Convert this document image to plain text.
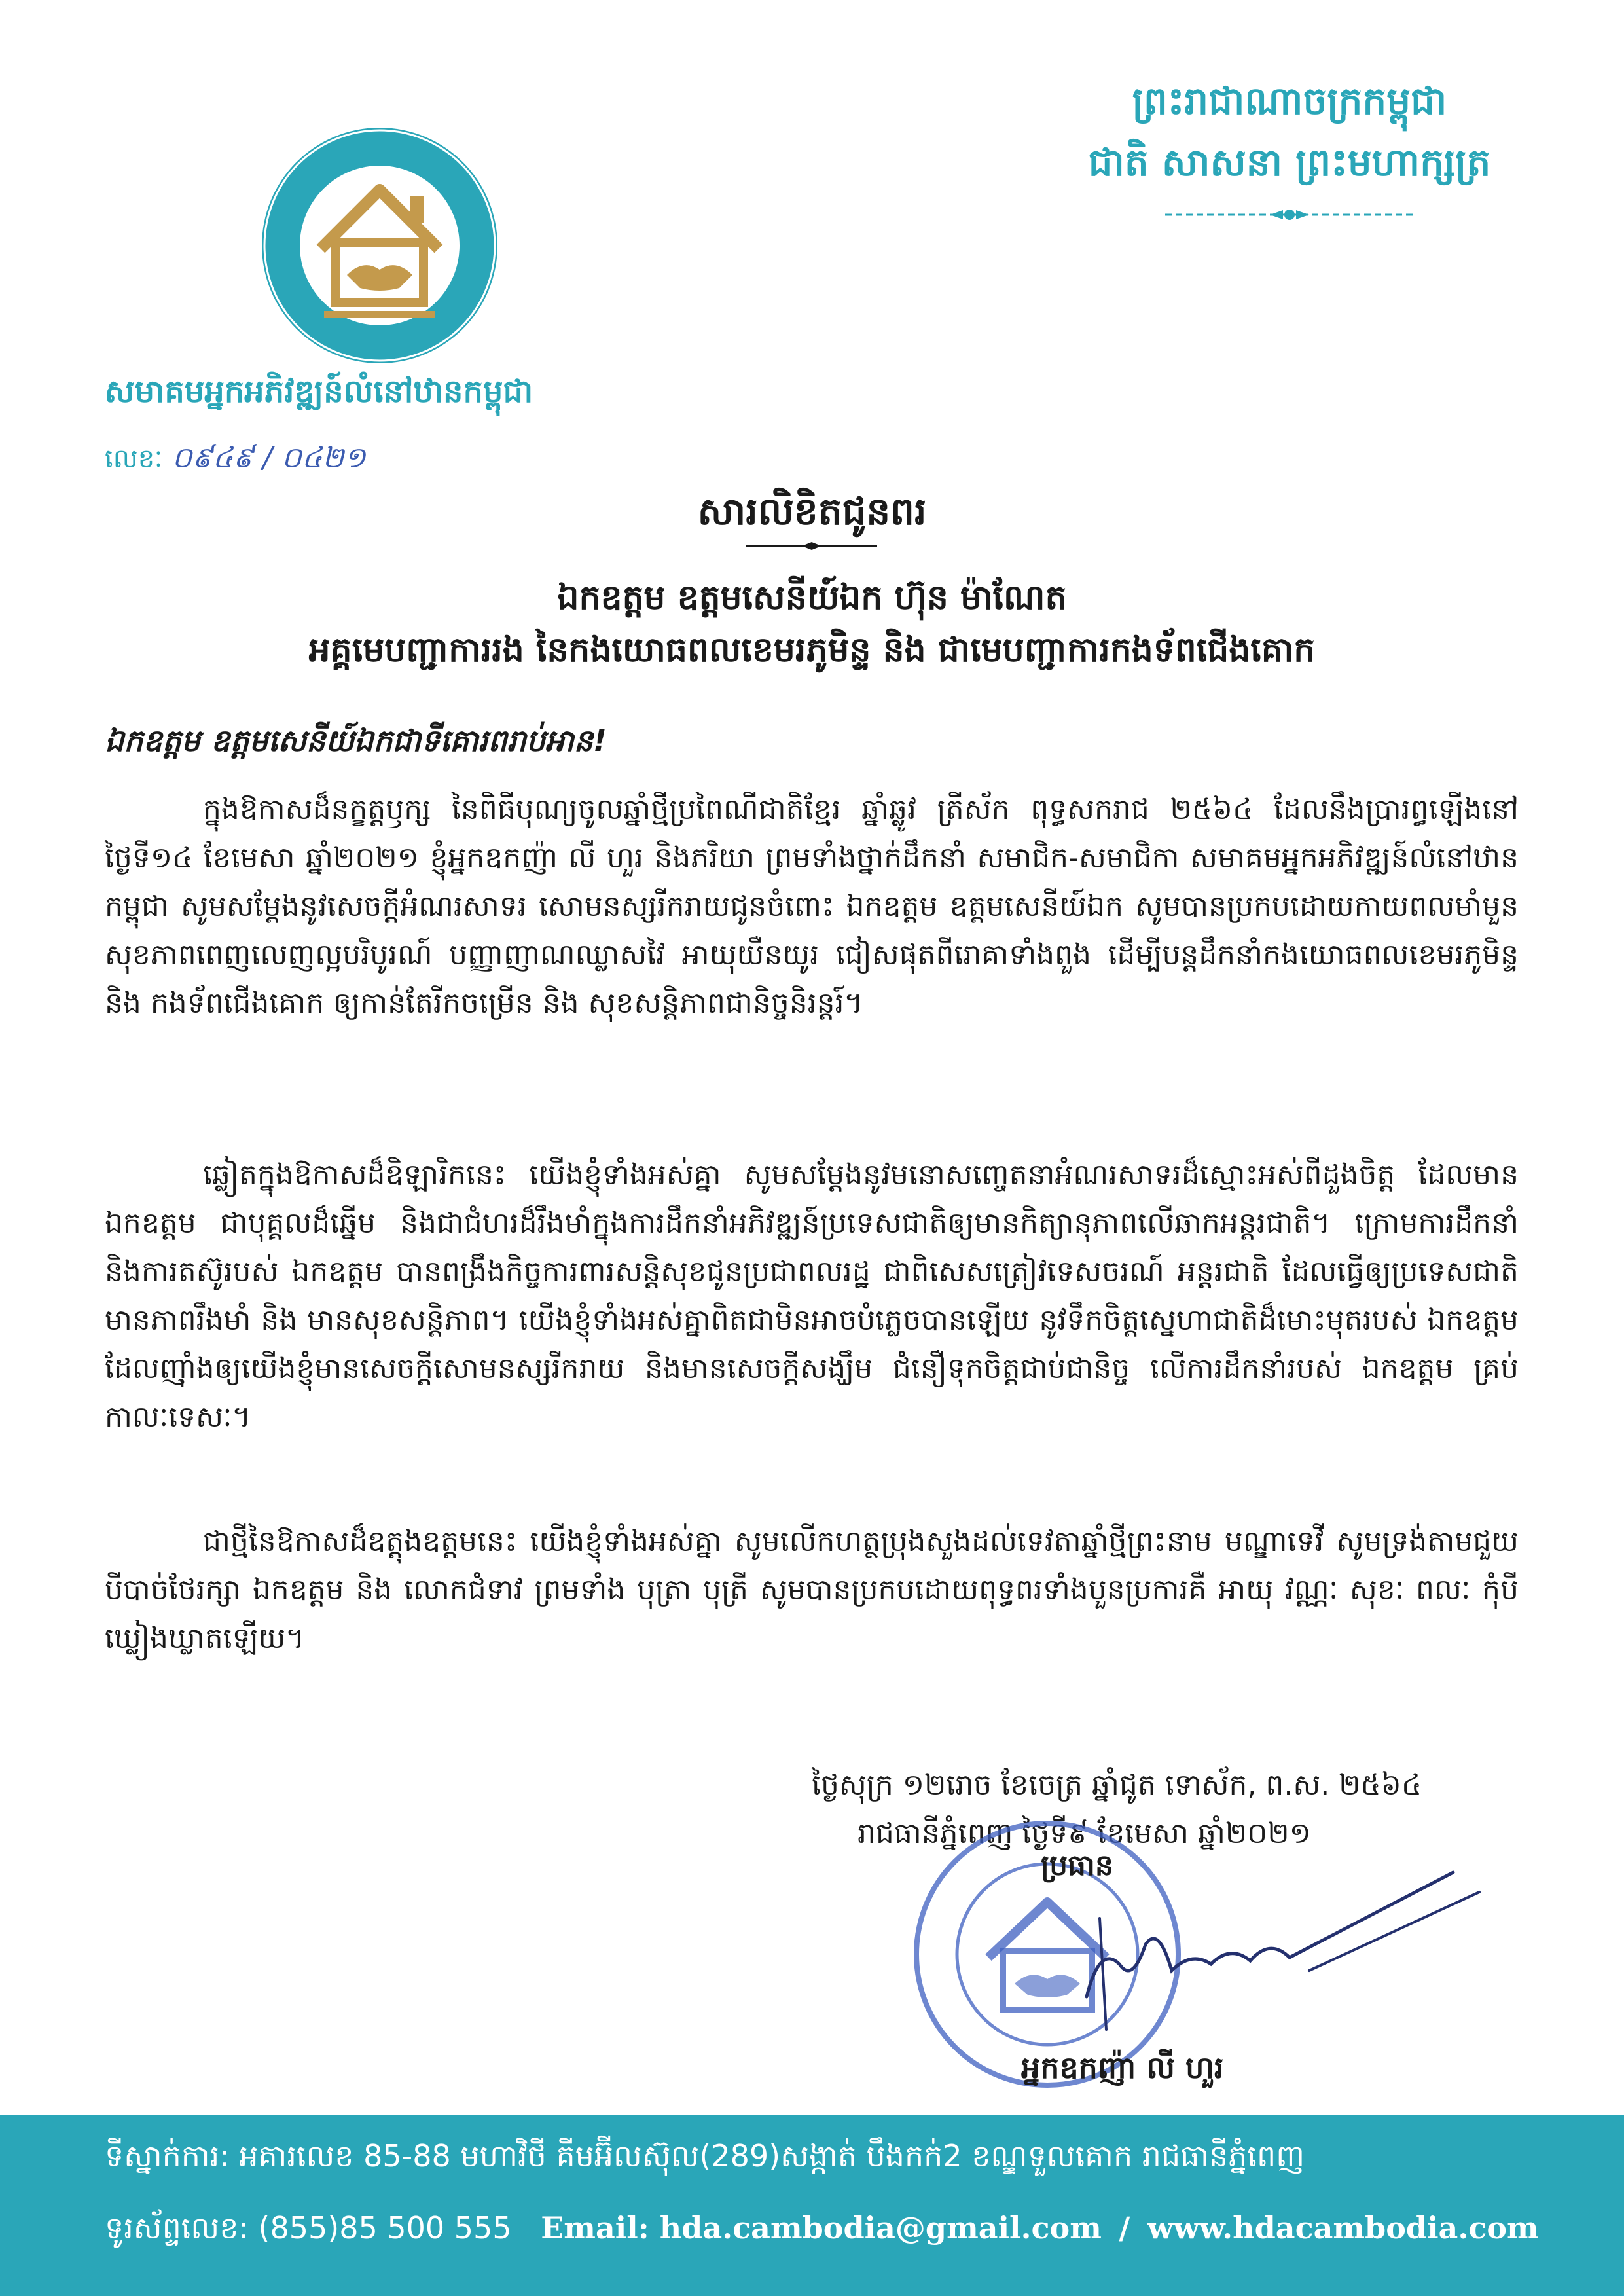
ព្រះរាជាណាចក្រកម្ពុជា
ជាតិ សាសនា ព្រះមហាក្សត្រ
សមាគមអ្នកអភិវឌ្ឍន៍លំនៅឋានកម្ពុជា
លេខៈ ០៩៤៩ / ០៤២១
សារលិខិតជូនពរ
ឯកឧត្តម ឧត្តមសេនីយ៍ឯក ហ៊ុន ម៉ាណែត
អគ្គមេបញ្ជាការរង នៃកងយោធពលខេមរភូមិន្ទ និង ជាមេបញ្ជាការកងទ័ពជើងគោក
ឯកឧត្តម ឧត្តមសេនីយ៍ឯកជាទីគោរពរាប់អាន!

ក្នុងឱកាសដ៏នក្ខត្តឫក្ស នៃពិធីបុណ្យចូលឆ្នាំថ្មីប្រពៃណីជាតិខ្មែរ ឆ្នាំឆ្លូវ ត្រីស័ក ពុទ្ធសករាជ ២៥៦៤ ដែលនឹងប្រារព្ធឡើងនៅថ្ងៃទី១៤ ខែមេសា ឆ្នាំ២០២១ ខ្ញុំអ្នកឧកញ៉ា លី ហួរ និងភរិយា ព្រមទាំងថ្នាក់ដឹកនាំ សមាជិក-សមាជិកា សមាគមអ្នកអភិវឌ្ឍន៍លំនៅឋានកម្ពុជា សូមសម្តែងនូវសេចក្តីអំណរសាទរ សោមនស្សរីករាយជូនចំពោះ ឯកឧត្តម ឧត្តមសេនីយ៍ឯក សូមបានប្រកបដោយកាយពលមាំមួន សុខភាពពេញលេញល្អបរិបូរណ៍ បញ្ញាញាណឈ្លាសវៃ អាយុយឺនយូរ ជៀសផុតពីរោគាទាំងពួង ដើម្បីបន្តដឹកនាំកងយោធពលខេមរភូមិន្ទ និង កងទ័ពជើងគោក ឲ្យកាន់តែរីកចម្រើន និង សុខសន្តិភាពជានិច្ចនិរន្តរ៍។

ឆ្លៀតក្នុងឱកាសដ៏ឧិឡារិកនេះ យើងខ្ញុំទាំងអស់គ្នា សូមសម្តែងនូវមនោសញ្ចេតនាអំណរសាទរដ៏ស្មោះអស់ពីដួងចិត្ត ដែលមាន ឯកឧត្តម ជាបុគ្គលដ៏ឆ្នើម និងជាជំហរដ៏រឹងមាំក្នុងការដឹកនាំអភិវឌ្ឍន៍ប្រទេសជាតិឲ្យមានកិត្យានុភាពលើឆាកអន្តរជាតិ។ ក្រោមការដឹកនាំ និងការតស៊ូរបស់ ឯកឧត្តម បានពង្រឹងកិច្ចការពារសន្តិសុខជូនប្រជាពលរដ្ឋ ជាពិសេសត្រៀវទេសចរណ៍ អន្តរជាតិ ដែលធ្វើឲ្យប្រទេសជាតិមានភាពរឹងមាំ និង មានសុខសន្តិភាព។ យើងខ្ញុំទាំងអស់គ្នាពិតជាមិនអាចបំភ្លេចបានឡើយ នូវទឹកចិត្តស្នេហាជាតិដ៏មោះមុតរបស់ ឯកឧត្តម ដែលញ៉ាំងឲ្យយើងខ្ញុំមានសេចក្តីសោមនស្សរីករាយ និងមានសេចក្តីសង្ឃឹម ជំនឿទុកចិត្តជាប់ជានិច្ច លើការដឹកនាំរបស់ ឯកឧត្តម គ្រប់កាលៈទេសៈ។

ជាថ្មីនៃឱកាសដ៏ឧត្តុងឧត្តមនេះ យើងខ្ញុំទាំងអស់គ្នា សូមលើកហត្ថប្រុងសួងដល់ទេវតាឆ្នាំថ្មីព្រះនាម មណ្ឌាទេវី សូមទ្រង់តាមជួយបីបាច់ថែរក្សា ឯកឧត្តម និង លោកជំទាវ ព្រមទាំង បុត្រា បុត្រី សូមបានប្រកបដោយពុទ្ធពរទាំងបួនប្រការគឺ អាយុ វណ្ណៈ សុខៈ ពលៈ កុំបីឃ្លៀងឃ្លាតឡើយ។

ថ្ងៃសុក្រ ១២រោច ខែចេត្រ ឆ្នាំជូត ទោស័ក, ព.ស. ២៥៦៤
រាជធានីភ្នំពេញ ថ្ងៃទី៩ ខែមេសា ឆ្នាំ២០២១
ប្រធាន
អ្នកឧកញ៉ា លី ហួរ
ទីស្នាក់ការ: អគារលេខ 85-88 មហាវិថី គីមអ៊ីលស៊ុល(289)សង្កាត់ បឹងកក់2 ខណ្ឌទួលគោក រាជធានីភ្នំពេញ
ទូរស័ព្ទលេខ: (855)85 500 555 Email: hda.cambodia@gmail.com / www.hdacambodia.com
